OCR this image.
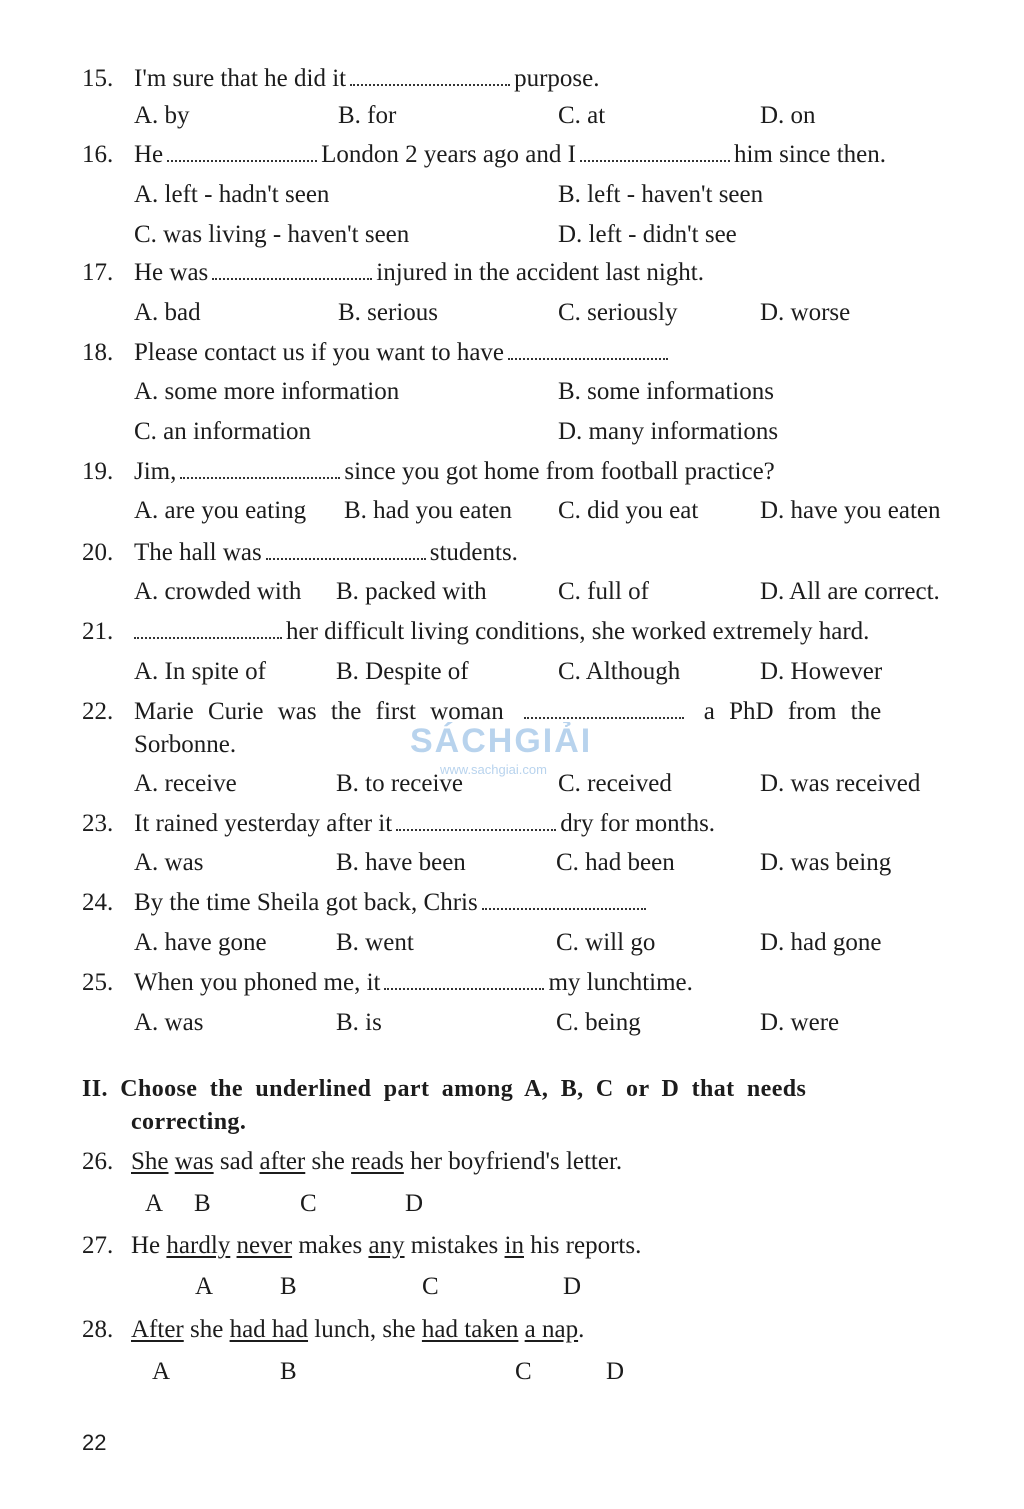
15. I'm sure that he did it	purpose.
A. by	B. for	C. at	D. on
16. He	London 2 years ago and I	him since then.
A. left - hadn't seen	B. left - haven't seen
C. was living - haven't seen	D. left - didn't see
17. He was	injured in the accident last night.
A. bad	B. serious	C. seriously	D. worse
18. Please contact us if you want to have
A. some more information	B. some informations
C. an information	D. many informations
19. Jim,	since you got home from football practice?
A. are you eating B. had you eaten C. did you eat D. have you eaten
20. The hall was	students.
A. crowded with B. packed with	C. full of	D. All are correct.
21.	her difficult living conditions, she worked extremely hard.
A. In spite of	B. Despite of	C. Although	D. However
22. Marie Curie was the first woman	a PhD from the
Sorbonne.
A. receive	B. to receive	C. received	D. was received
SÁCHGIẢI
www.sachgiai.com
23. It rained yesterday after it	dry for months.
A. was	B. have been	C. had been	D. was being
24. By the time Sheila got back, Chris
A. have gone	B. went	C. will go	D. had gone
25. When you phoned me, it	my lunchtime.
A. was	B. is	C. being	D. were
II. Choose the underlined part among A, B, C or D that needs
correcting.
26. She was sad after she reads her boyfriend's letter.
A B	C	D
27. He hardly never makes any mistakes in his reports.
A	B	C	D
28. After she had had lunch, she had taken a nap.
A	B	C	D
22
